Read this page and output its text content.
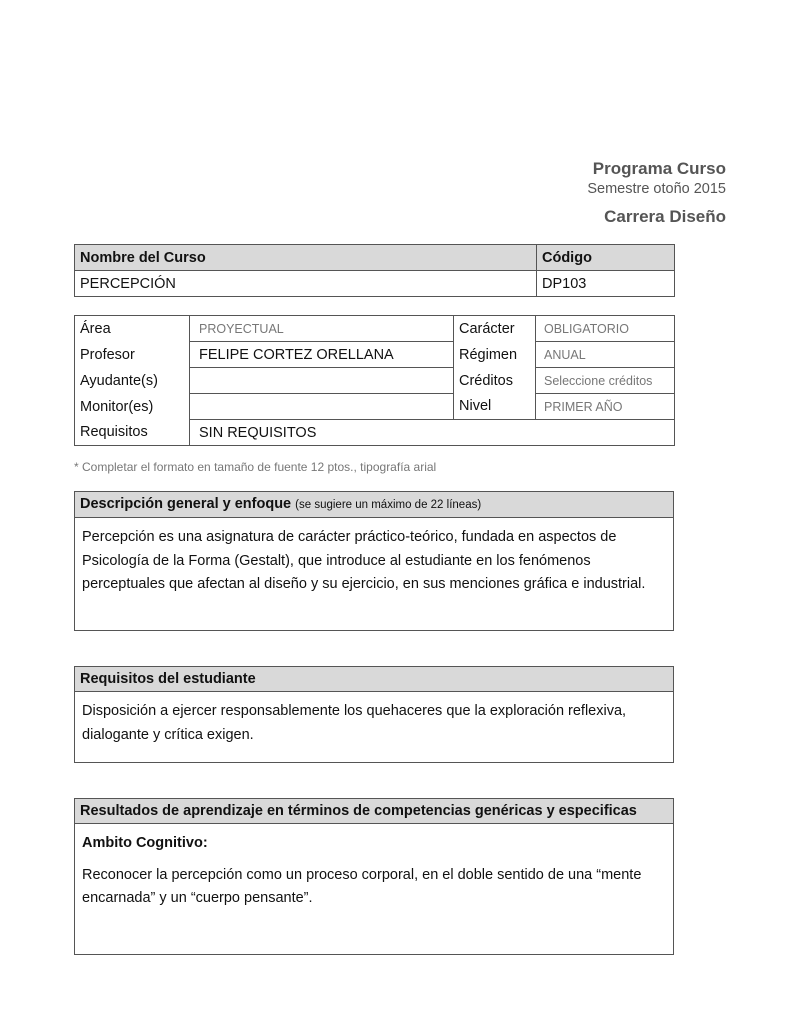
Programa Curso
Semestre otoño 2015
Carrera Diseño
Nombre del Curso	Código
PERCEPCIÓN	DP103
Área	PROYECTUAL	Carácter	OBLIGATORIO
Profesor	FELIPE CORTEZ ORELLANA	Régimen	ANUAL
Ayudante(s)		Créditos	Seleccione créditos
Monitor(es)		Nivel	PRIMER AÑO
Requisitos	SIN REQUISITOS		
* Completar el formato en tamaño de fuente 12 ptos., tipografía arial
Descripción general y enfoque (se sugiere un máximo de 22 líneas)
Percepción es una asignatura de carácter práctico-teórico, fundada en aspectos de Psicología de la Forma (Gestalt), que introduce al estudiante en los fenómenos perceptuales que afectan al diseño y su ejercicio, en sus menciones gráfica e industrial.
Requisitos del estudiante
Disposición a ejercer responsablemente los quehaceres que la exploración reflexiva, dialogante y crítica exigen.
Resultados de aprendizaje en términos de competencias genéricas y especificas
Ambito Cognitivo:
Reconocer la percepción como un proceso corporal, en el doble sentido de una “mente encarnada” y un “cuerpo pensante”.
